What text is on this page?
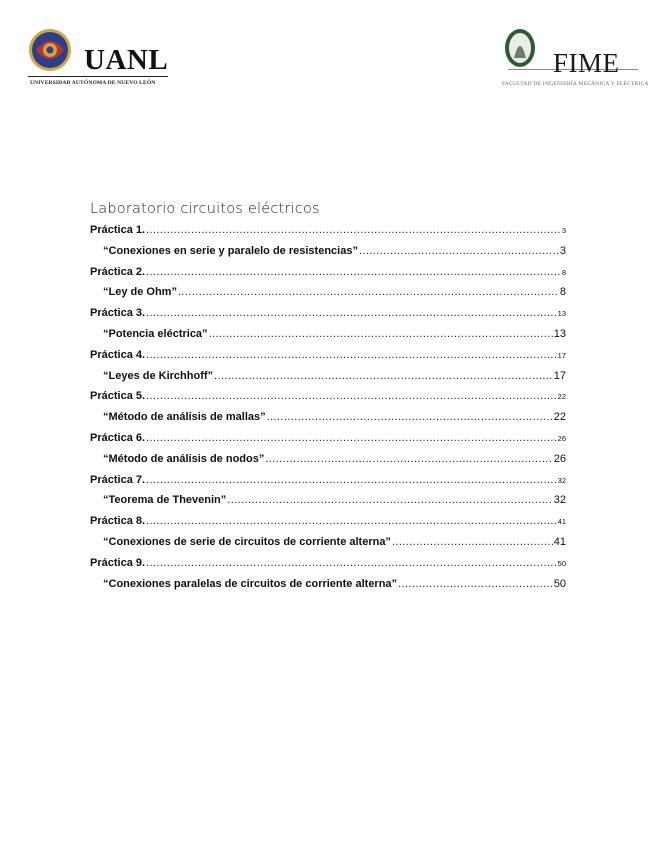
UANL
UNIVERSIDAD AUTÓNOMA DE NUEVO LEÓN
FIME
FACULTAD DE INGENIERÍA MECÁNICA Y ELÉCTRICA
Laboratorio circuitos eléctricos
Práctica 1. .....	3
“Conexiones en serie y paralelo de resistencias” .....	3
Práctica 2. .....	8
“Ley de Ohm” .....	8
Práctica 3. .....	13
“Potencia eléctrica” .....	13
Práctica 4. .....	17
“Leyes de Kirchhoff” .....	17
Práctica 5. .....	22
“Método de análisis de mallas” .....	22
Práctica 6. .....	26
“Método de análisis de nodos” .....	26
Práctica 7. .....	32
“Teorema de Thevenin” .....	32
Práctica 8. .....	41
“Conexiones de serie de circuitos de corriente alterna” .....	41
Práctica 9. .....	50
“Conexiones paralelas de circuitos de corriente alterna” .....	50
